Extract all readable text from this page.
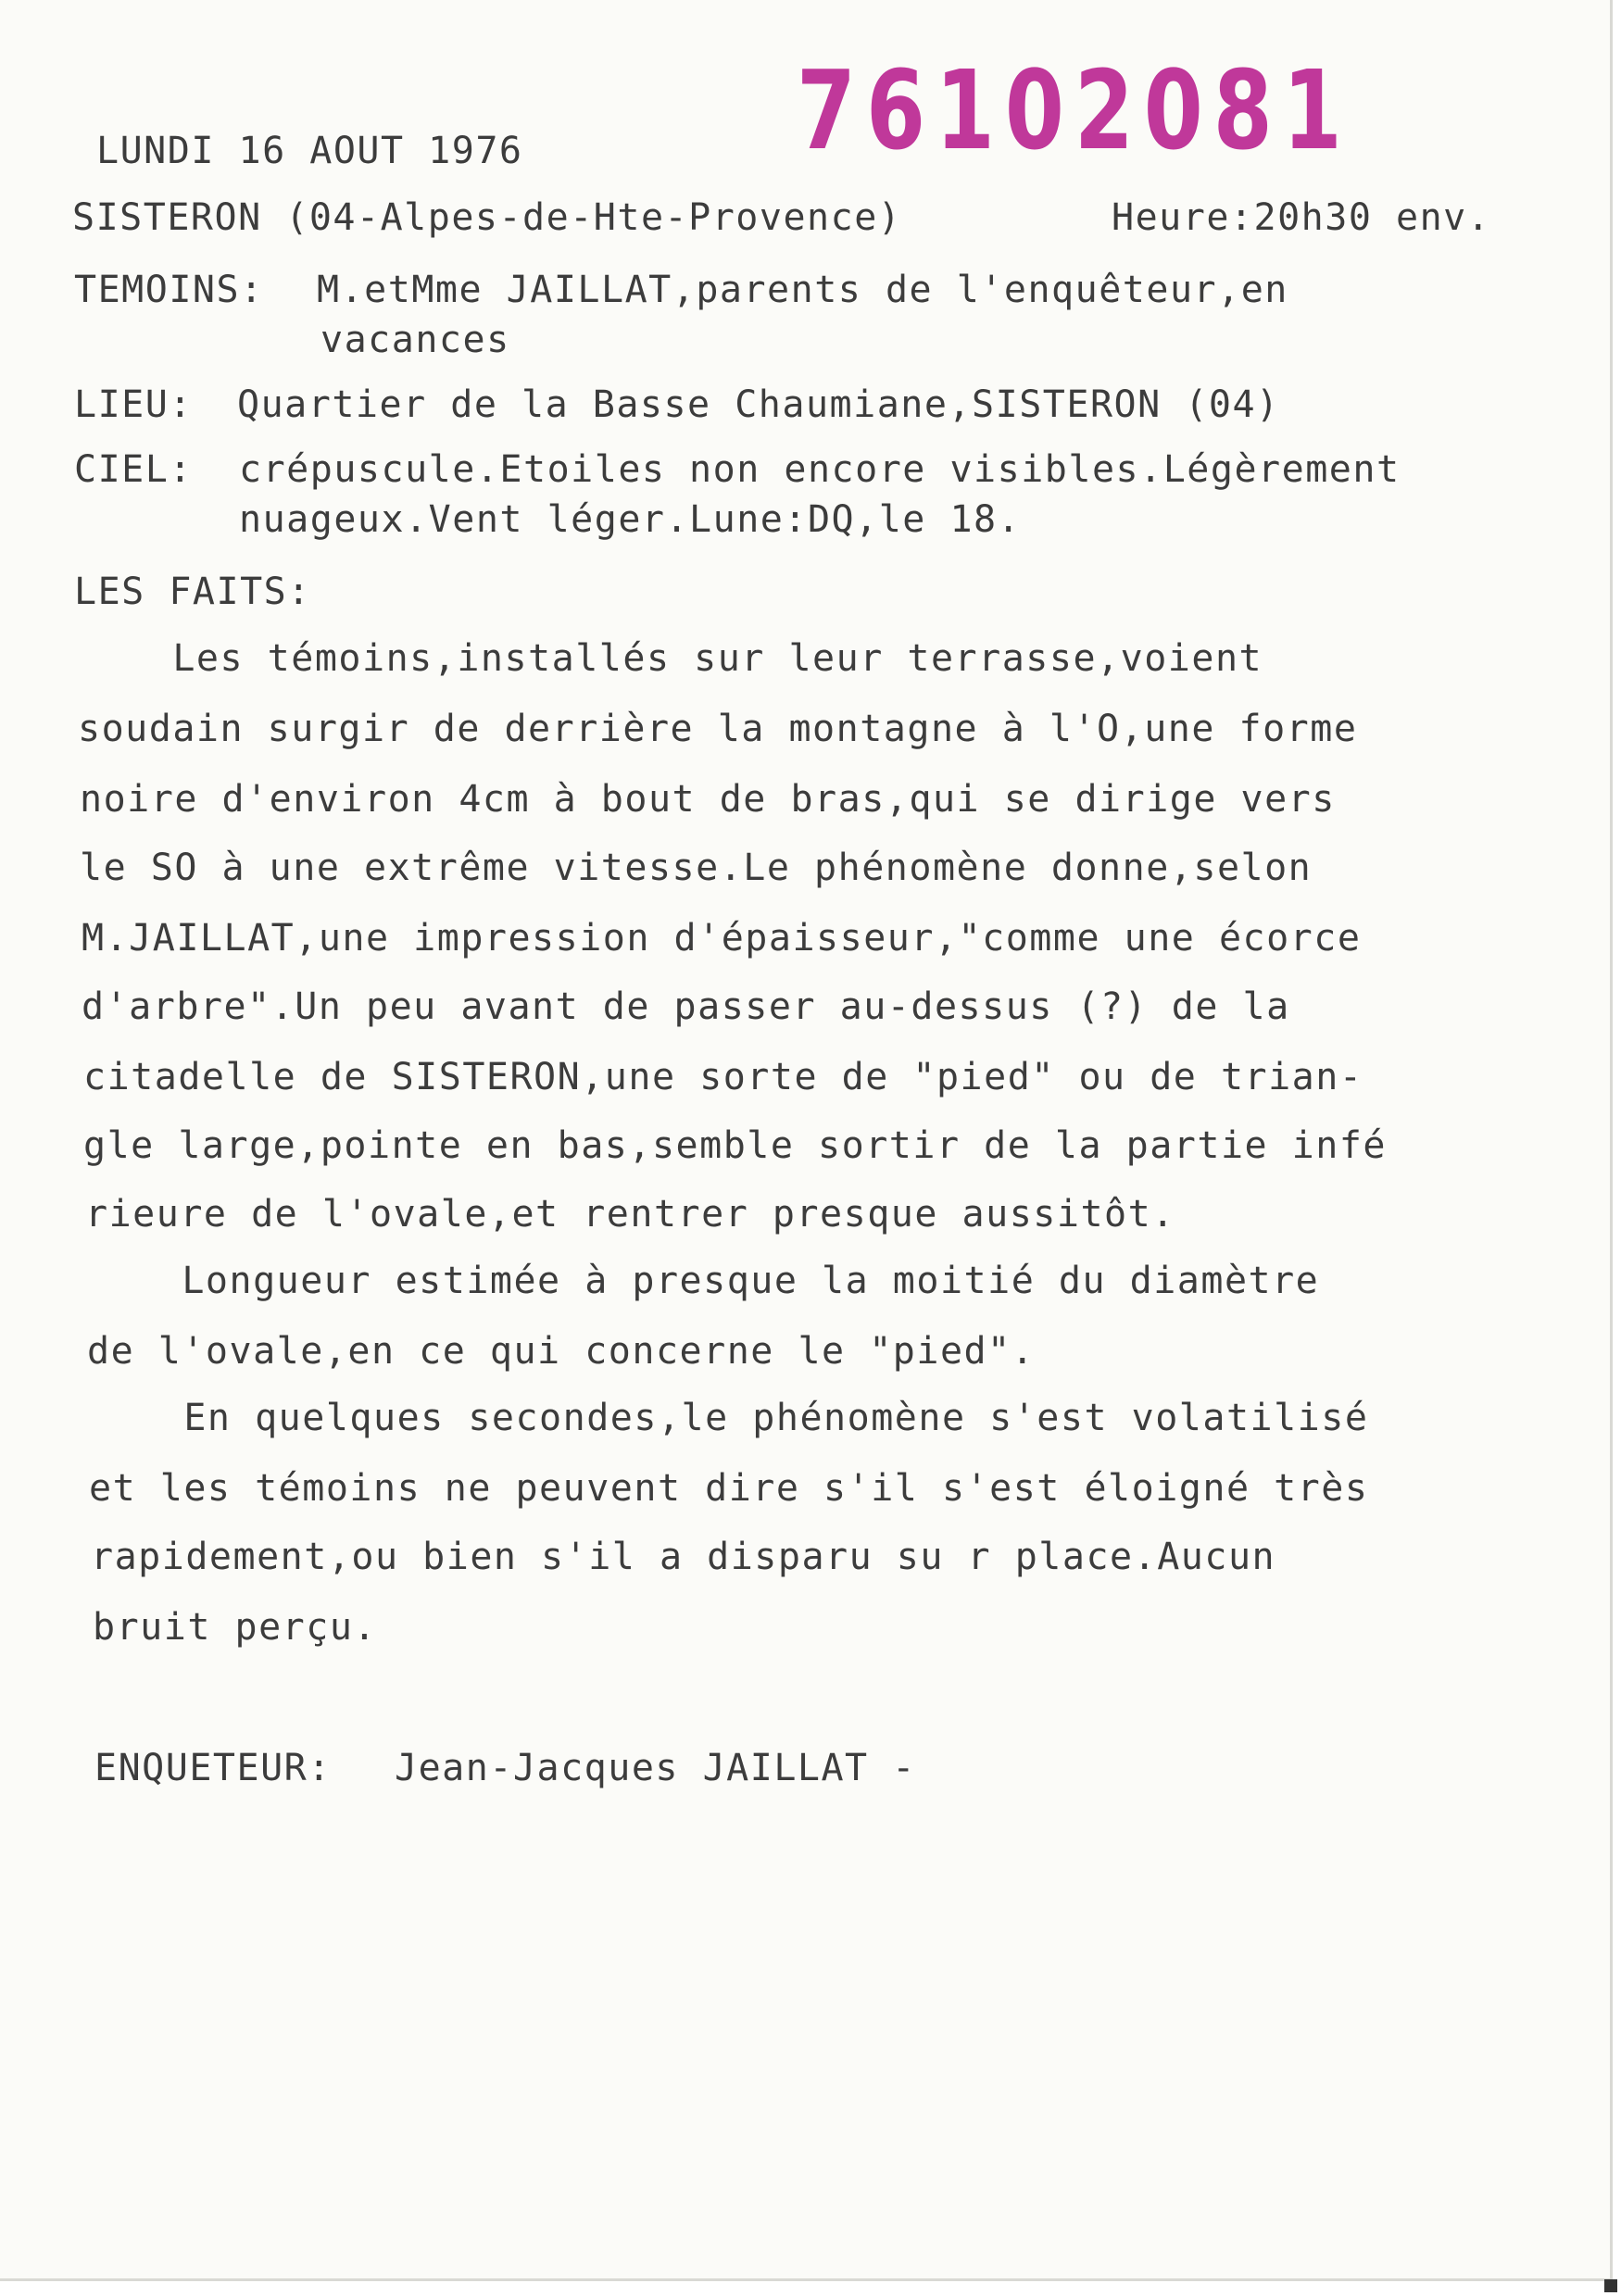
76102081

LUNDI 16 AOUT 1976

SISTERON (04-Alpes-de-Hte-Provence)	Heure:20h30 env.

TEMOINS: M.etMme JAILLAT,parents de l'enquêteur,en

vacances

LIEU: Quartier de la Basse Chaumiane,SISTERON (04)

CIEL: crépuscule.Etoiles non encore visibles.Légèrement

nuageux.Vent léger.Lune:DQ,le 18.

LES FAITS:

Les témoins,installés sur leur terrasse,voient

soudain surgir de derrière la montagne à l'O,une forme

noire d'environ 4cm à bout de bras,qui se dirige vers

le SO à une extrême vitesse.Le phénomène donne,selon

M.JAILLAT,une impression d'épaisseur,"comme une écorce

d'arbre".Un peu avant de passer au-dessus (?) de la

citadelle de SISTERON,une sorte de "pied" ou de trian-

gle large,pointe en bas,semble sortir de la partie infé

rieure de l'ovale,et rentrer presque aussitôt.

Longueur estimée à presque la moitié du diamètre

de l'ovale,en ce qui concerne le "pied".

En quelques secondes,le phénomène s'est volatilisé

et les témoins ne peuvent dire s'il s'est éloigné très

rapidement,ou bien s'il a disparu su r place.Aucun

bruit perçu.

ENQUETEUR: Jean-Jacques JAILLAT -
